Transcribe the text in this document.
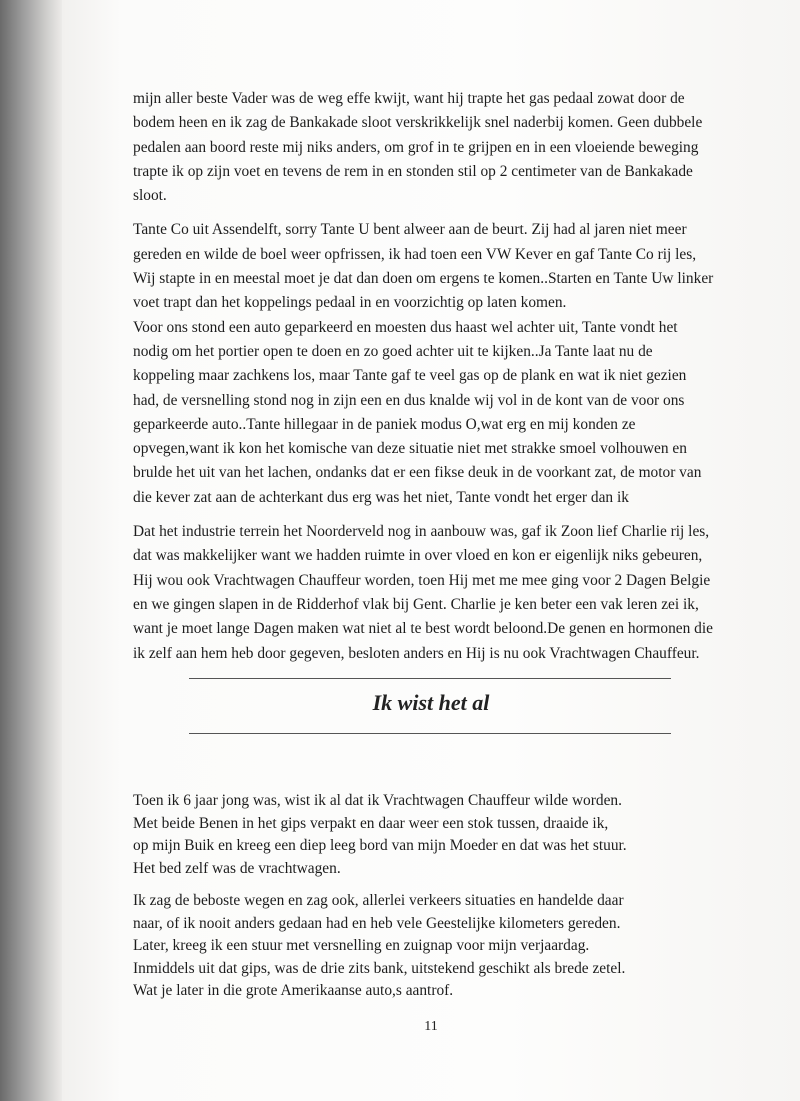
mijn aller beste Vader was de weg effe kwijt, want hij trapte het gas pedaal zowat door de
bodem heen en ik zag de Bankakade sloot verskrikkelijk snel naderbij komen. Geen dubbele
pedalen aan boord reste mij niks anders, om grof in te grijpen en in een vloeiende beweging
trapte ik op zijn voet en tevens de rem in en stonden stil op 2 centimeter van de Bankakade
sloot.

Tante Co uit Assendelft, sorry Tante U bent alweer aan de beurt. Zij had al jaren niet meer
gereden en wilde de boel weer opfrissen, ik had toen een VW Kever en gaf Tante Co rij les,
Wij stapte in en meestal moet je dat dan doen om ergens te komen..Starten en Tante Uw linker
voet trapt dan het koppelings pedaal in en voorzichtig op laten komen.

Voor ons stond een auto geparkeerd en moesten dus haast wel achter uit, Tante vondt het
nodig om het portier open te doen en zo goed achter uit te kijken..Ja Tante laat nu de
koppeling maar zachkens los, maar Tante gaf te veel gas op de plank en wat ik niet gezien
had, de versnelling stond nog in zijn een en dus knalde wij vol in de kont van de voor ons
geparkeerde auto..Tante hillegaar in de paniek modus O,wat erg en mij konden ze
opvegen,want ik kon het komische van deze situatie niet met strakke smoel volhouwen en
brulde het uit van het lachen, ondanks dat er een fikse deuk in de voorkant zat, de motor van
die kever zat aan de achterkant dus erg was het niet, Tante vondt het erger dan ik

Dat het industrie terrein het Noorderveld nog in aanbouw was, gaf ik Zoon lief Charlie rij les,
dat was makkelijker want we hadden ruimte in over vloed en kon er eigenlijk niks gebeuren,
Hij wou ook Vrachtwagen Chauffeur worden, toen Hij met me mee ging voor 2 Dagen Belgie
en we gingen slapen in de Ridderhof vlak bij Gent. Charlie je ken beter een vak leren zei ik,
want je moet lange Dagen maken wat niet al te best wordt beloond.De genen en hormonen die
ik zelf aan hem heb door gegeven, besloten anders en Hij is nu ook Vrachtwagen Chauffeur.

Ik wist het al

Toen ik 6 jaar jong was, wist ik al dat ik Vrachtwagen Chauffeur wilde worden.
Met beide Benen in het gips verpakt en daar weer een stok tussen, draaide ik,
op mijn Buik en kreeg een diep leeg bord van mijn Moeder en dat was het stuur.
Het bed zelf was de vrachtwagen.

Ik zag de beboste wegen en zag ook, allerlei verkeers situaties en handelde daar
naar, of ik nooit anders gedaan had en heb vele Geestelijke kilometers gereden.
Later, kreeg ik een stuur met versnelling en zuignap voor mijn verjaardag.
Inmiddels uit dat gips, was de drie zits bank, uitstekend geschikt als brede zetel.
Wat je later in die grote Amerikaanse auto,s aantrof.

11
